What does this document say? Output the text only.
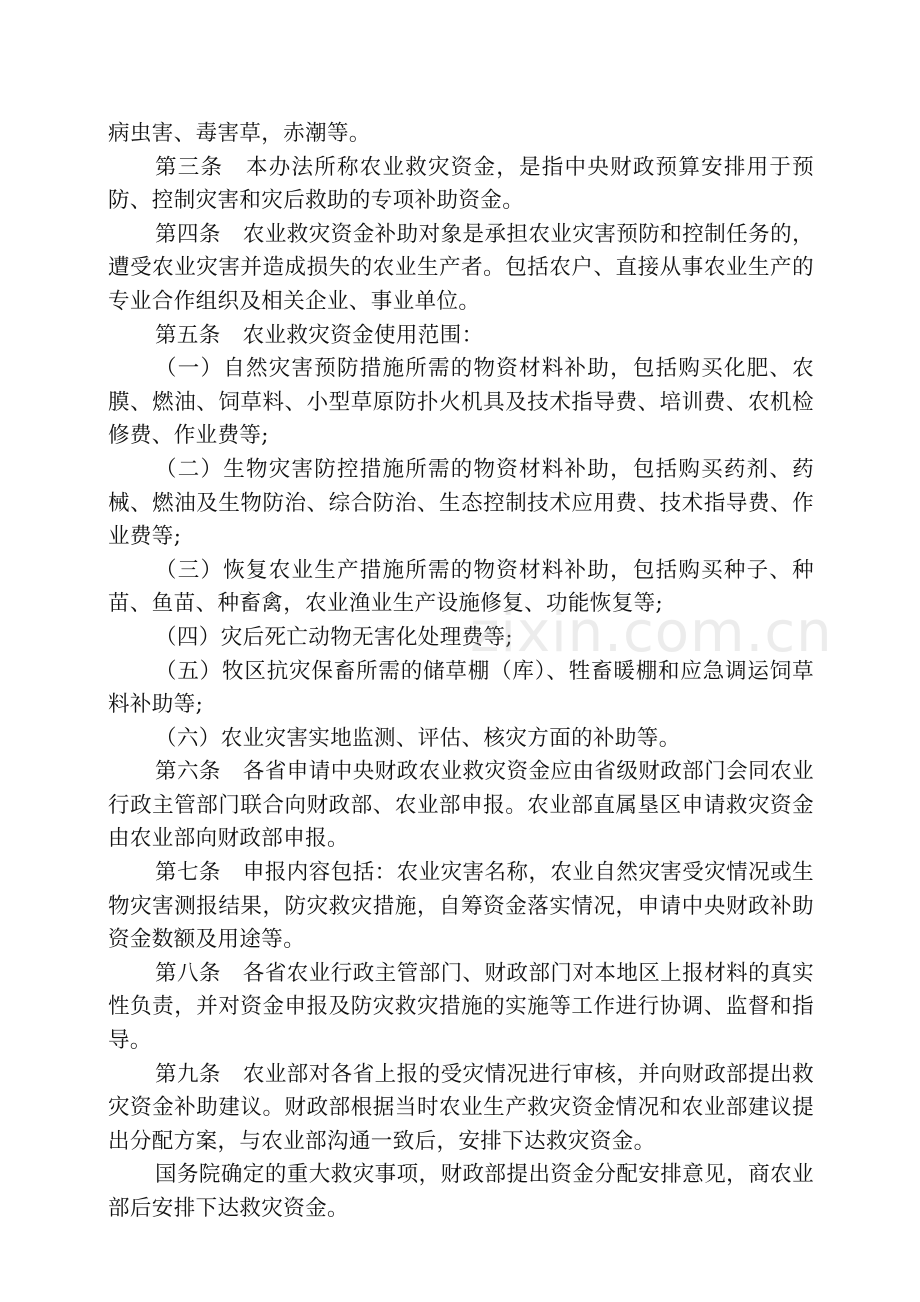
病虫害、毒害草，赤潮等。

第三条　本办法所称农业救灾资金，是指中央财政预算安排用于预防、控制灾害和灾后救助的专项补助资金。

第四条　农业救灾资金补助对象是承担农业灾害预防和控制任务的，遭受农业灾害并造成损失的农业生产者。包括农户、直接从事农业生产的专业合作组织及相关企业、事业单位。

第五条　农业救灾资金使用范围：

（一）自然灾害预防措施所需的物资材料补助，包括购买化肥、农膜、燃油、饲草料、小型草原防扑火机具及技术指导费、培训费、农机检修费、作业费等;

（二）生物灾害防控措施所需的物资材料补助，包括购买药剂、药械、燃油及生物防治、综合防治、生态控制技术应用费、技术指导费、作业费等;

（三）恢复农业生产措施所需的物资材料补助，包括购买种子、种苗、鱼苗、种畜禽，农业渔业生产设施修复、功能恢复等;

（四）灾后死亡动物无害化处理费等;

（五）牧区抗灾保畜所需的储草棚（库）、牲畜暖棚和应急调运饲草料补助等;

（六）农业灾害实地监测、评估、核灾方面的补助等。

第六条　各省申请中央财政农业救灾资金应由省级财政部门会同农业行政主管部门联合向财政部、农业部申报。农业部直属垦区申请救灾资金由农业部向财政部申报。

第七条　申报内容包括：农业灾害名称，农业自然灾害受灾情况或生物灾害测报结果，防灾救灾措施，自筹资金落实情况，申请中央财政补助资金数额及用途等。

第八条　各省农业行政主管部门、财政部门对本地区上报材料的真实性负责，并对资金申报及防灾救灾措施的实施等工作进行协调、监督和指导。

第九条　农业部对各省上报的受灾情况进行审核，并向财政部提出救灾资金补助建议。财政部根据当时农业生产救灾资金情况和农业部建议提出分配方案，与农业部沟通一致后，安排下达救灾资金。

国务院确定的重大救灾事项，财政部提出资金分配安排意见，商农业部后安排下达救灾资金。

zixin.com.cn
